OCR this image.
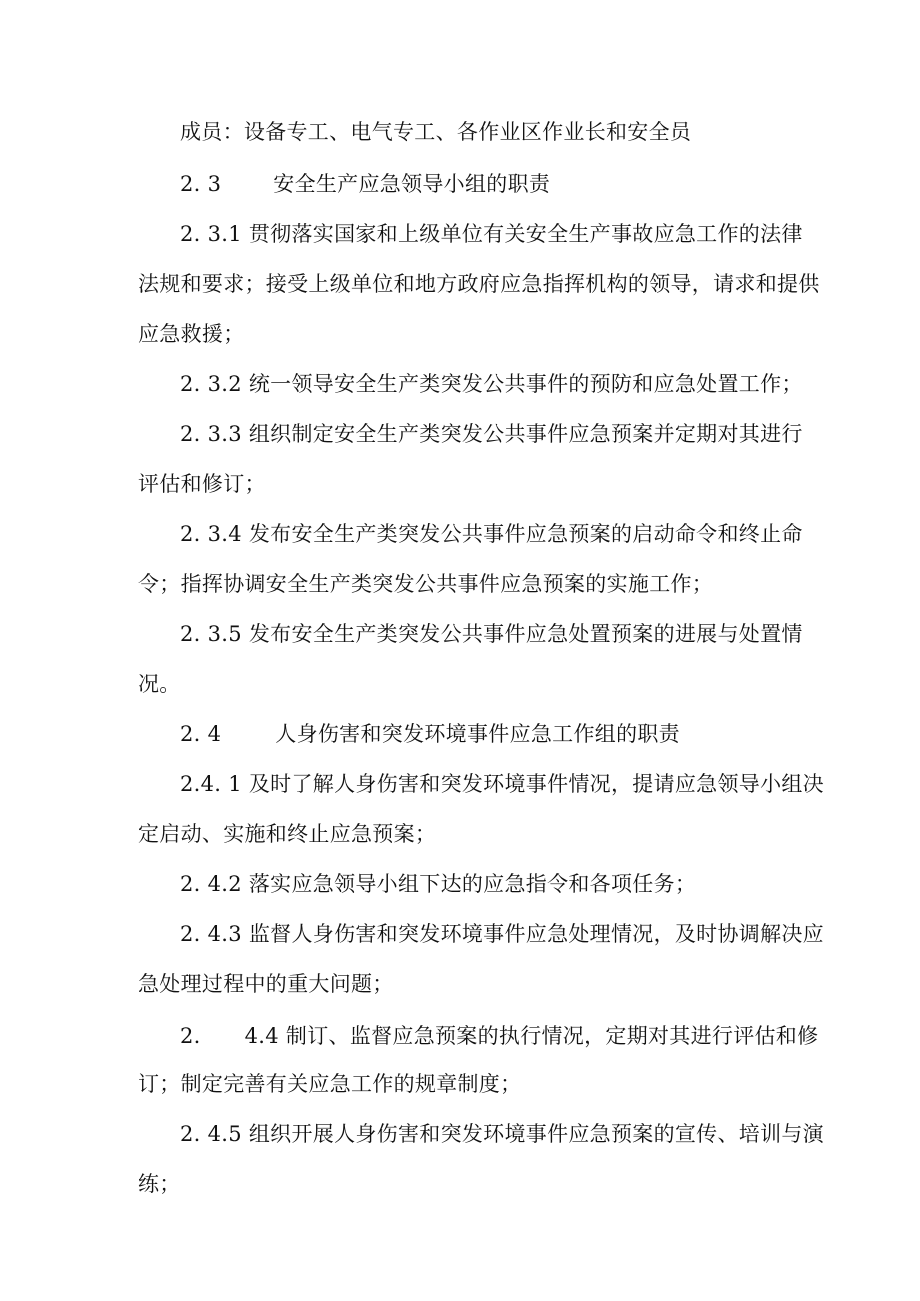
成员：设备专工、电气专工、各作业区作业长和安全员
2. 3 安全生产应急领导小组的职责
2. 3.1 贯彻落实国家和上级单位有关安全生产事故应急工作的法律
法规和要求；接受上级单位和地方政府应急指挥机构的领导，请求和提供
应急救援；
2. 3.2 统一领导安全生产类突发公共事件的预防和应急处置工作；
2. 3.3 组织制定安全生产类突发公共事件应急预案并定期对其进行
评估和修订；
2. 3.4 发布安全生产类突发公共事件应急预案的启动命令和终止命
令；指挥协调安全生产类突发公共事件应急预案的实施工作；
2. 3.5 发布安全生产类突发公共事件应急处置预案的进展与处置情
况。
2. 4	人身伤害和突发环境事件应急工作组的职责
2.4. 1 及时了解人身伤害和突发环境事件情况，提请应急领导小组决
定启动、实施和终止应急预案；
2. 4.2 落实应急领导小组下达的应急指令和各项任务；
2. 4.3 监督人身伤害和突发环境事件应急处理情况，及时协调解决应
急处理过程中的重大问题；
2. 4.4 制订、监督应急预案的执行情况，定期对其进行评估和修
订；制定完善有关应急工作的规章制度；
2. 4.5 组织开展人身伤害和突发环境事件应急预案的宣传、培训与演
练；
